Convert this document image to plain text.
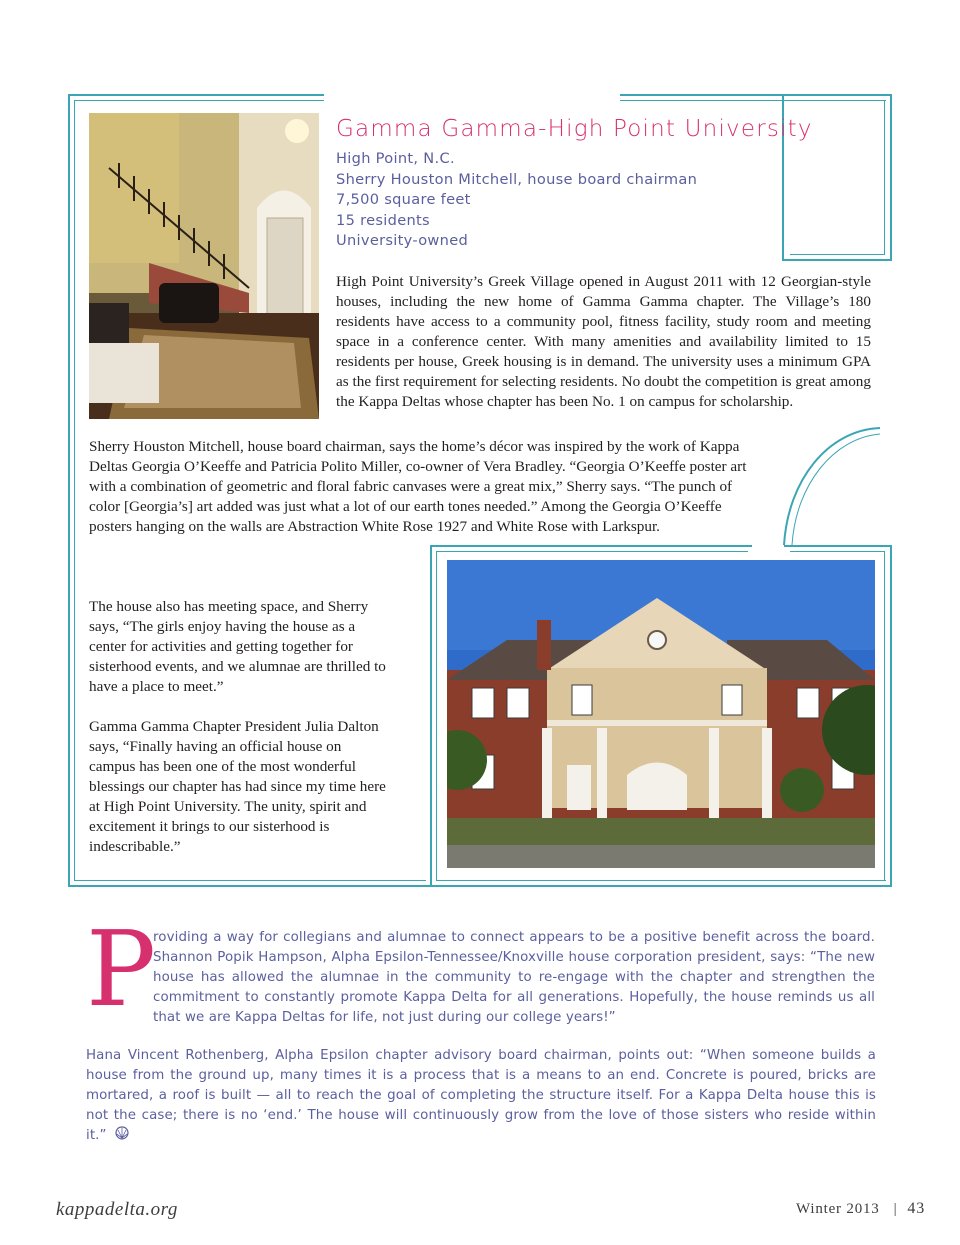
Gamma Gamma-High Point University
High Point, N.C.
Sherry Houston Mitchell, house board chairman
7,500 square feet
15 residents
University-owned

High Point University’s Greek Village opened in August 2011 with 12 Georgian-style houses, including the new home of Gamma Gamma chapter. The Village’s 180 residents have access to a community pool, fitness facility, study room and meeting space in a conference center. With many amenities and availability limited to 15 residents per house, Greek housing is in demand. The university uses a minimum GPA as the first requirement for selecting residents. No doubt the competition is great among the Kappa Deltas whose chapter has been No. 1 on campus for scholarship.

Sherry Houston Mitchell, house board chairman, says the home’s décor was inspired by the work of Kappa Deltas Georgia O’Keeffe and Patricia Polito Miller, co-owner of Vera Bradley. “Georgia O’Keeffe poster art with a combination of geometric and floral fabric canvases were a great mix,” Sherry says. “The punch of color [Georgia’s] art added was just what a lot of our earth tones needed.” Among the Georgia O’Keeffe posters hanging on the walls are Abstraction White Rose 1927 and White Rose with Larkspur.

The house also has meeting space, and Sherry says, “The girls enjoy having the house as a center for activities and getting together for sisterhood events, and we alumnae are thrilled to have a place to meet.”

Gamma Gamma Chapter President Julia Dalton says, “Finally having an official house on campus has been one of the most wonderful blessings our chapter has had since my time here at High Point University. The unity, spirit and excitement it brings to our sisterhood is indescribable.”

P
roviding a way for collegians and alumnae to connect appears to be a positive benefit across the board. Shannon Popik Hampson, Alpha Epsilon-Tennessee/Knoxville house corporation president, says: “The new house has allowed the alumnae in the community to re-engage with the chapter and strengthen the commitment to constantly promote Kappa Delta for all generations. Hopefully, the house reminds us all that we are Kappa Deltas for life, not just during our college years!”
Hana Vincent Rothenberg, Alpha Epsilon chapter advisory board chairman, points out: “When someone builds a house from the ground up, many times it is a process that is a means to an end. Concrete is poured, bricks are mortared, a roof is built — all to reach the goal of completing the structure itself. For a Kappa Delta house this is not the case; there is no ‘end.’ The house will continuously grow from the love of those sisters who reside within it.”
kappadelta.org	Winter 2013 | 43
